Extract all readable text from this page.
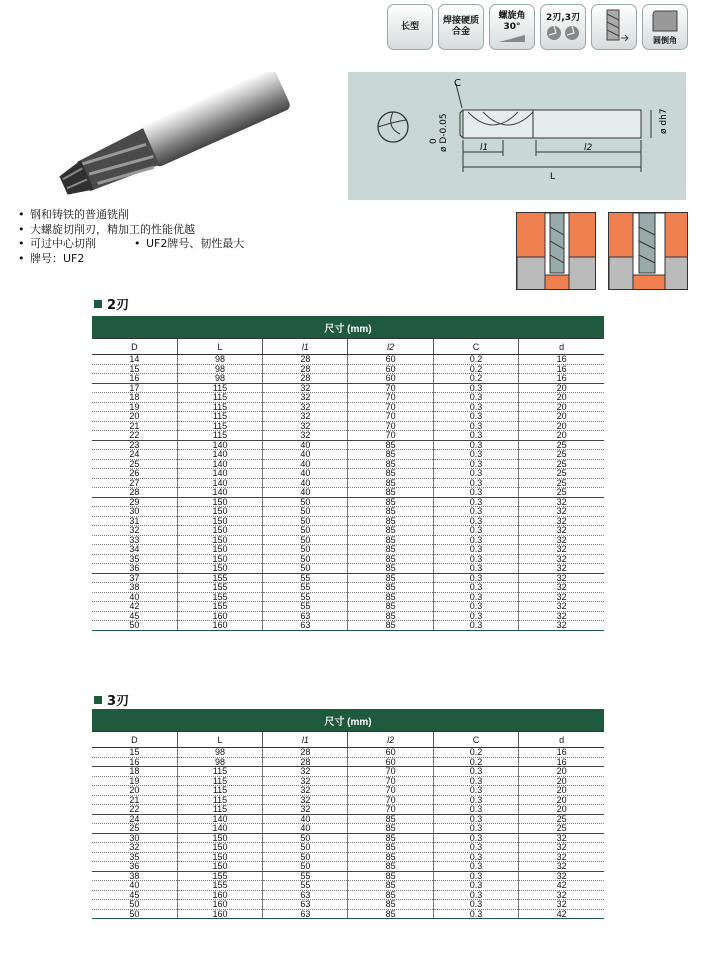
长型
焊接硬质合金
螺旋角
30°
2刃,3刃
圆倒角
C
0 ø D-0.05	l1	l2
L
ø dh7
• 钢和铸铁的普通铣削
• 大螺旋切削刃，精加工的性能优越
• 可过中心切削	• UF2牌号、韧性最大
• 牌号：UF2
2刃
尺寸 (mm)					
D	L	l1	l2	C	d
14	98	28	60	0.2	16
15	98	28	60	0.2	16
16	98	28	60	0.2	16
17	115	32	70	0.3	20
18	115	32	70	0.3	20
19	115	32	70	0.3	20
20	115	32	70	0.3	20
21	115	32	70	0.3	20
22	115	32	70	0.3	20
23	140	40	85	0.3	25
24	140	40	85	0.3	25
25	140	40	85	0.3	25
26	140	40	85	0.3	25
27	140	40	85	0.3	25
28	140	40	85	0.3	25
29	150	50	85	0.3	32
30	150	50	85	0.3	32
31	150	50	85	0.3	32
32	150	50	85	0.3	32
33	150	50	85	0.3	32
34	150	50	85	0.3	32
35	150	50	85	0.3	32
36	150	50	85	0.3	32
37	155	55	85	0.3	32
38	155	55	85	0.3	32
40	155	55	85	0.3	32
42	155	55	85	0.3	32
45	160	63	85	0.3	32
50	160	63	85	0.3	32
3刃
尺寸 (mm)					
D	L	l1	l2	C	d
15	98	28	60	0.2	16
16	98	28	60	0.2	16
18	115	32	70	0.3	20
19	115	32	70	0.3	20
20	115	32	70	0.3	20
21	115	32	70	0.3	20
22	115	32	70	0.3	20
24	140	40	85	0.3	25
25	140	40	85	0.3	25
30	150	50	85	0.3	32
32	150	50	85	0.3	32
35	150	50	85	0.3	32
36	150	50	85	0.3	32
38	155	55	85	0.3	32
40	155	55	85	0.3	42
45	160	63	85	0.3	32
50	160	63	85	0.3	32
50	160	63	85	0.3	42
